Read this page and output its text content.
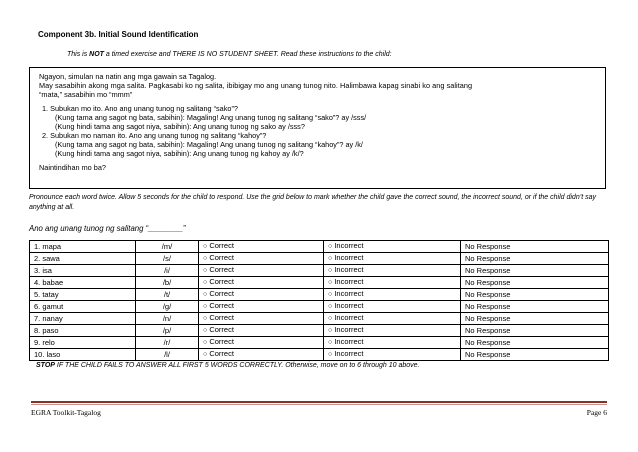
Component 3b. Initial Sound Identification
This is NOT a timed exercise and THERE IS NO STUDENT SHEET. Read these instructions to the child:
Ngayon, simulan na natin ang mga gawain sa Tagalog.
May sasabihin akong mga salita. Pagkasabi ko ng salita, ibibigay mo ang unang tunog nito. Halimbawa kapag sinabi ko ang salitang
“mata,” sasabihin mo “mmm”
1. Subukan mo ito. Ano ang unang tunog ng salitang “sako”?
(Kung tama ang sagot ng bata, sabihin): Magaling! Ang unang tunog ng salitang “sako”? ay /sss/
(Kung hindi tama ang sagot niya, sabihin): Ang unang tunog ng sako ay /sss?
2. Subukan mo naman ito. Ano ang unang tunog ng salitang “kahoy”?
(Kung tama ang sagot ng bata, sabihin): Magaling! Ang unang tunog ng salitang “kahoy”? ay /k/
(Kung hindi tama ang sagot niya, sabihin): Ang unang tunog ng kahoy ay /k/?
Naintindihan mo ba?
Pronounce each word twice. Allow 5 seconds for the child to respond. Use the grid below to mark whether the child gave the correct sound, the incorrect sound, or if the child didn’t say anything at all.
Ano ang unang tunog ng salitang “________”
1. mapa	/m/	○ Correct	○ Incorrect	No Response
2. sawa	/s/	○ Correct	○ Incorrect	No Response
3. isa	/i/	○ Correct	○ Incorrect	No Response
4. babae	/b/	○ Correct	○ Incorrect	No Response
5. tatay	/t/	○ Correct	○ Incorrect	No Response
6. gamut	/g/	○ Correct	○ Incorrect	No Response
7. nanay	/n/	○ Correct	○ Incorrect	No Response
8. paso	/p/	○ Correct	○ Incorrect	No Response
9. relo	/r/	○ Correct	○ Incorrect	No Response
10. laso	/l/	○ Correct	○ Incorrect	No Response
STOP IF THE CHILD FAILS TO ANSWER ALL FIRST 5 WORDS CORRECTLY. Otherwise, move on to 6 through 10 above.
EGRA Toolkit-Tagalog	Page 6
